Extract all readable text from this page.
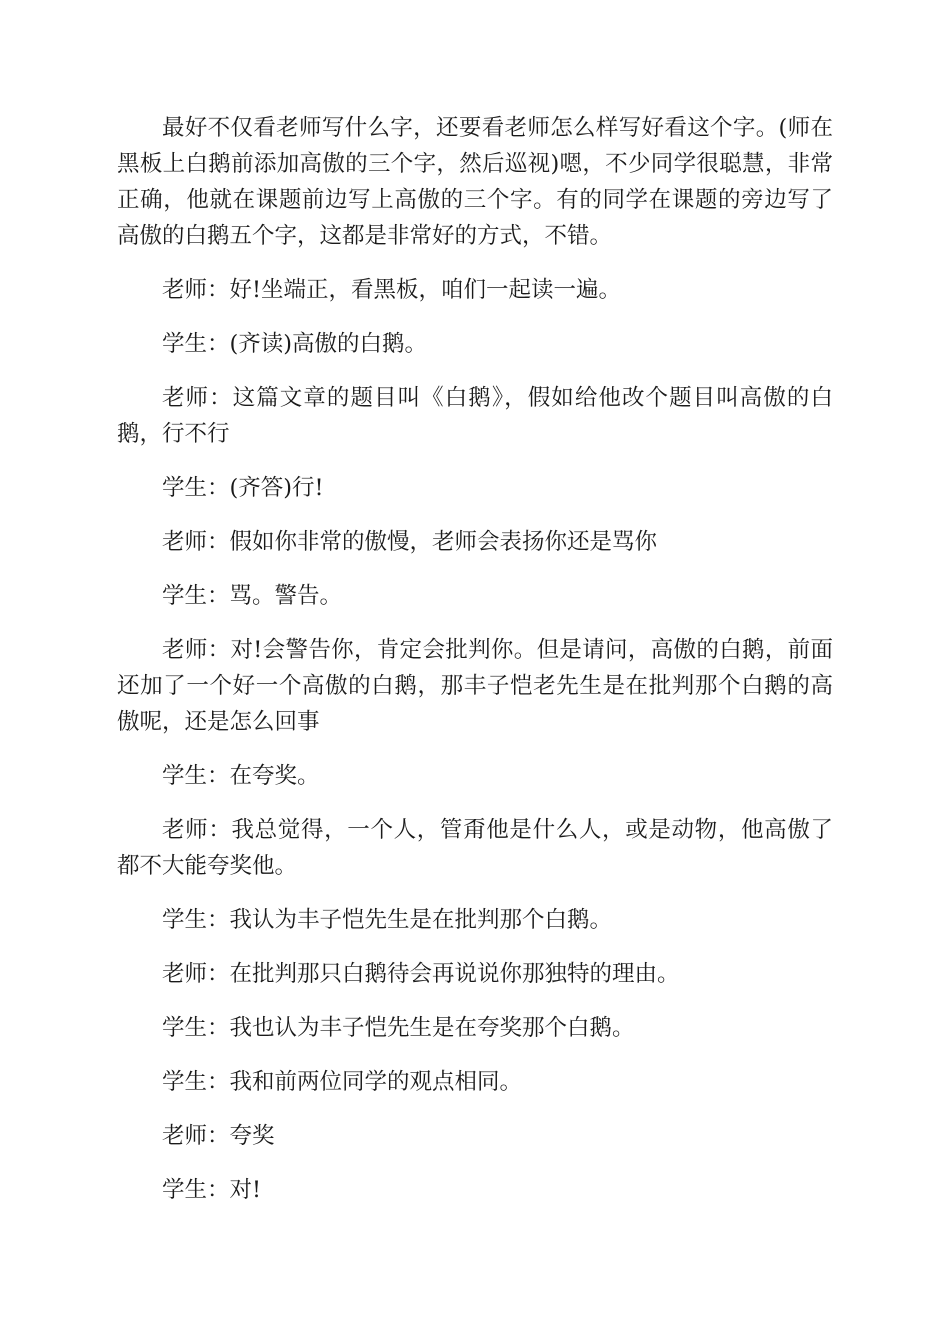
最好不仅看老师写什么字，还要看老师怎么样写好看这个字。(师在黑板上白鹅前添加高傲的三个字，然后巡视)嗯，不少同学很聪慧，非常正确，他就在课题前边写上高傲的三个字。有的同学在课题的旁边写了高傲的白鹅五个字，这都是非常好的方式，不错。

老师：好!坐端正，看黑板，咱们一起读一遍。

学生：(齐读)高傲的白鹅。

老师：这篇文章的题目叫《白鹅》，假如给他改个题目叫高傲的白鹅，行不行

学生：(齐答)行!

老师：假如你非常的傲慢，老师会表扬你还是骂你

学生：骂。警告。

老师：对!会警告你，肯定会批判你。但是请问，高傲的白鹅，前面还加了一个好一个高傲的白鹅，那丰子恺老先生是在批判那个白鹅的高傲呢，还是怎么回事

学生：在夸奖。

老师：我总觉得，一个人，管甭他是什么人，或是动物，他高傲了都不大能夸奖他。

学生：我认为丰子恺先生是在批判那个白鹅。

老师：在批判那只白鹅待会再说说你那独特的理由。

学生：我也认为丰子恺先生是在夸奖那个白鹅。

学生：我和前两位同学的观点相同。

老师：夸奖

学生：对!
